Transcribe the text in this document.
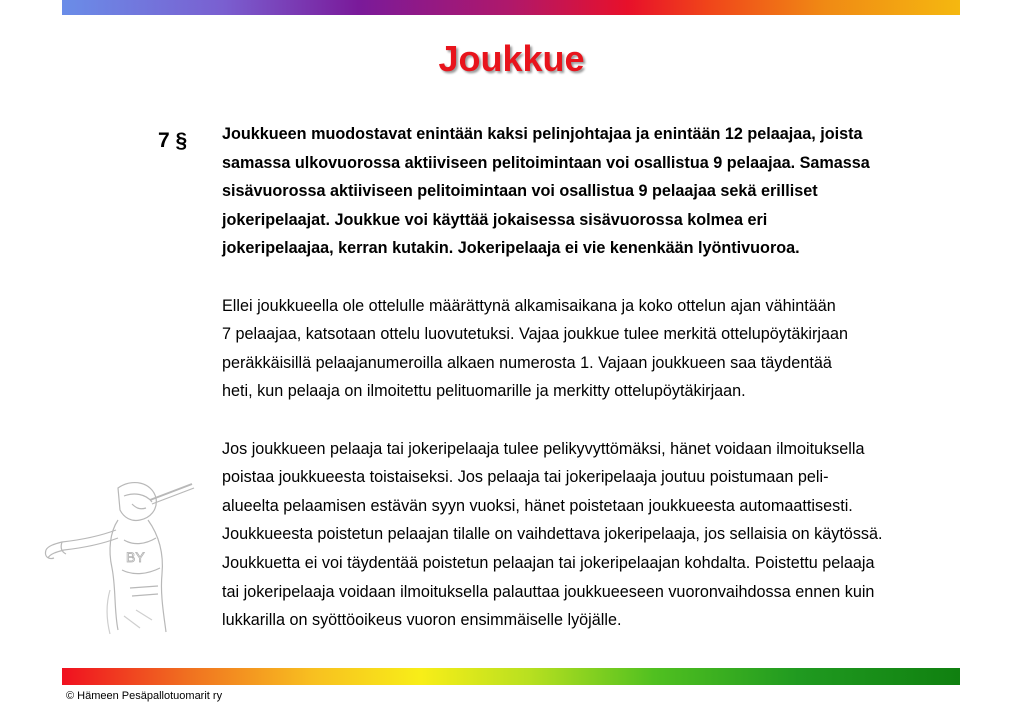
Joukkue
7 § Joukkueen muodostavat enintään kaksi pelinjohtajaa ja enintään 12 pelaajaa, joista
samassa ulkovuorossa aktiiviseen pelitoimintaan voi osallistua 9 pelaajaa. Samassa
sisävuorossa aktiiviseen pelitoimintaan voi osallistua 9 pelaajaa sekä erilliset
jokeripelaajat. Joukkue voi käyttää jokaisessa sisävuorossa kolmea eri
jokeripelaajaa, kerran kutakin. Jokeripelaaja ei vie kenenkään lyöntivuoroa.

Ellei joukkueella ole ottelulle määrättynä alkamisaikana ja koko ottelun ajan vähintään
7 pelaajaa, katsotaan ottelu luovutetuksi. Vajaa joukkue tulee merkitä ottelupöytäkirjaan
peräkkäisillä pelaajanumeroilla alkaen numerosta 1. Vajaan joukkueen saa täydentää
heti, kun pelaaja on ilmoitettu pelituomarille ja merkitty ottelupöytäkirjaan.

Jos joukkueen pelaaja tai jokeripelaaja tulee pelikyvyttömäksi, hänet voidaan ilmoituksella
poistaa joukkueesta toistaiseksi. Jos pelaaja tai jokeripelaaja joutuu poistumaan peli-
alueelta pelaamisen estävän syyn vuoksi, hänet poistetaan joukkueesta automaattisesti.
Joukkueesta poistetun pelaajan tilalle on vaihdettava jokeripelaaja, jos sellaisia on käytössä.
Joukkuetta ei voi täydentää poistetun pelaajan tai jokeripelaajan kohdalta. Poistettu pelaaja
tai jokeripelaaja voidaan ilmoituksella palauttaa joukkueeseen vuoronvaihdossa ennen kuin
lukkarilla on syöttöoikeus vuoron ensimmäiselle lyöjälle.

BY
© Hämeen Pesäpallotuomarit ry
